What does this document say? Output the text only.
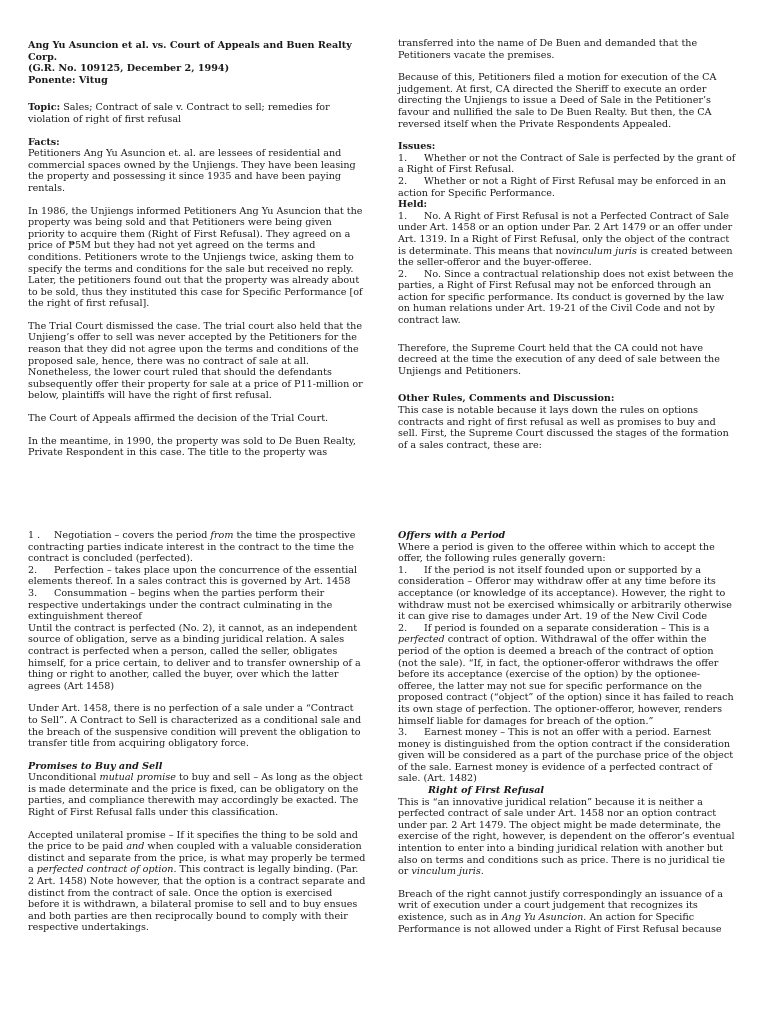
Ang Yu Asuncion et al. vs. Court of Appeals and Buen Realty
Corp.

(G.R. No. 109125, December 2, 1994)

Ponente: Vitug

Topic: Sales; Contract of sale v. Contract to sell; remedies for violation of right of first refusal

Facts:

Petitioners Ang Yu Asuncion et. al. are lessees of residential and commercial spaces owned by the Unjiengs. They have been leasing the property and possessing it since 1935 and have been paying rentals.

In 1986, the Unjiengs informed Petitioners Ang Yu Asuncion that the property was being sold and that Petitioners were being given priority to acquire them (Right of First Refusal). They agreed on a price of ₱5M but they had not yet agreed on the terms and conditions. Petitioners wrote to the Unjiengs twice, asking them to specify the terms and conditions for the sale but received no reply. Later, the petitioners found out that the property was already about to be sold, thus they instituted this case for Specific Performance [of the right of first refusal].

The Trial Court dismissed the case. The trial court also held that the Unjieng’s offer to sell was never accepted by the Petitioners for the reason that they did not agree upon the terms and conditions of the proposed sale, hence, there was no contract of sale at all. Nonetheless, the lower court ruled that should the defendants subsequently offer their property for sale at a price of P11-million or below, plaintiffs will have the right of first refusal.

The Court of Appeals affirmed the decision of the Trial Court.

In the meantime, in 1990, the property was sold to De Buen Realty, Private Respondent in this case. The title to the property was

transferred into the name of De Buen and demanded that the Petitioners vacate the premises.

Because of this, Petitioners filed a motion for execution of the CA judgement. At first, CA directed the Sheriff to execute an order directing the Unjiengs to issue a Deed of Sale in the Petitioner’s favour and nullified the sale to De Buen Realty. But then, the CA reversed itself when the Private Respondents Appealed.

Issues:

1. Whether or not the Contract of Sale is perfected by the grant of a Right of First Refusal.

2. Whether or not a Right of First Refusal may be enforced in an action for Specific Performance.

Held:

1. No. A Right of First Refusal is not a Perfected Contract of Sale under Art. 1458 or an option under Par. 2 Art 1479 or an offer under Art. 1319. In a Right of First Refusal, only the object of the contract is determinate. This means that novinculum juris is created between the seller-offeror and the buyer-offeree.

2. No. Since a contractual relationship does not exist between the parties, a Right of First Refusal may not be enforced through an action for specific performance. Its conduct is governed by the law on human relations under Art. 19-21 of the Civil Code and not by contract law.

Therefore, the Supreme Court held that the CA could not have decreed at the time the execution of any deed of sale between the Unjiengs and Petitioners.

Other Rules, Comments and Discussion:

This case is notable because it lays down the rules on options contracts and right of first refusal as well as promises to buy and sell. First, the Supreme Court discussed the stages of the formation of a sales contract, these are:

1 . Negotiation – covers the period from the time the prospective contracting parties indicate interest in the contract to the time the contract is concluded (perfected).

2. Perfection – takes place upon the concurrence of the essential elements thereof. In a sales contract this is governed by Art. 1458

3. Consummation – begins when the parties perform their respective undertakings under the contract culminating in the extinguishment thereof

Until the contract is perfected (No. 2), it cannot, as an independent source of obligation, serve as a binding juridical relation. A sales contract is perfected when a person, called the seller, obligates himself, for a price certain, to deliver and to transfer ownership of a thing or right to another, called the buyer, over which the latter agrees (Art 1458)

Under Art. 1458, there is no perfection of a sale under a “Contract to Sell”. A Contract to Sell is characterized as a conditional sale and the breach of the suspensive condition will prevent the obligation to transfer title from acquiring obligatory force.

Promises to Buy and Sell

Unconditional mutual promise to buy and sell – As long as the object is made determinate and the price is fixed, can be obligatory on the parties, and compliance therewith may accordingly be exacted. The Right of First Refusal falls under this classification.

Accepted unilateral promise – If it specifies the thing to be sold and the price to be paid and when coupled with a valuable consideration distinct and separate from the price, is what may properly be termed a perfected contract of option. This contract is legally binding. (Par. 2 Art. 1458) Note however, that the option is a contract separate and distinct from the contract of sale. Once the option is exercised before it is withdrawn, a bilateral promise to sell and to buy ensues and both parties are then reciprocally bound to comply with their respective undertakings.

Offers with a Period

Where a period is given to the offeree within which to accept the offer, the following rules generally govern:

1. If the period is not itself founded upon or supported by a consideration – Offeror may withdraw offer at any time before its acceptance (or knowledge of its acceptance). However, the right to withdraw must not be exercised whimsically or arbitrarily otherwise it can give rise to damages under Art. 19 of the New Civil Code

2. If period is founded on a separate consideration – This is a perfected contract of option. Withdrawal of the offer within the period of the option is deemed a breach of the contract of option (not the sale). “If, in fact, the optioner-offeror withdraws the offer before its acceptance (exercise of the option) by the optionee-offeree, the latter may not sue for specific performance on the proposed contract (“object” of the option) since it has failed to reach its own stage of perfection. The optioner-offeror, however, renders himself liable for damages for breach of the option.”

3. Earnest money – This is not an offer with a period. Earnest money is distinguished from the option contract if the consideration given will be considered as a part of the purchase price of the object of the sale. Earnest money is evidence of a perfected contract of sale. (Art. 1482)

Right of First Refusal

This is “an innovative juridical relation” because it is neither a perfected contract of sale under Art. 1458 nor an option contract under par. 2 Art 1479. The object might be made determinate, the exercise of the right, however, is dependent on the offeror’s eventual intention to enter into a binding juridical relation with another but also on terms and conditions such as price. There is no juridical tie or vinculum juris.

Breach of the right cannot justify correspondingly an issuance of a writ of execution under a court judgement that recognizes its existence, such as in Ang Yu Asuncion. An action for Specific Performance is not allowed under a Right of First Refusal because
